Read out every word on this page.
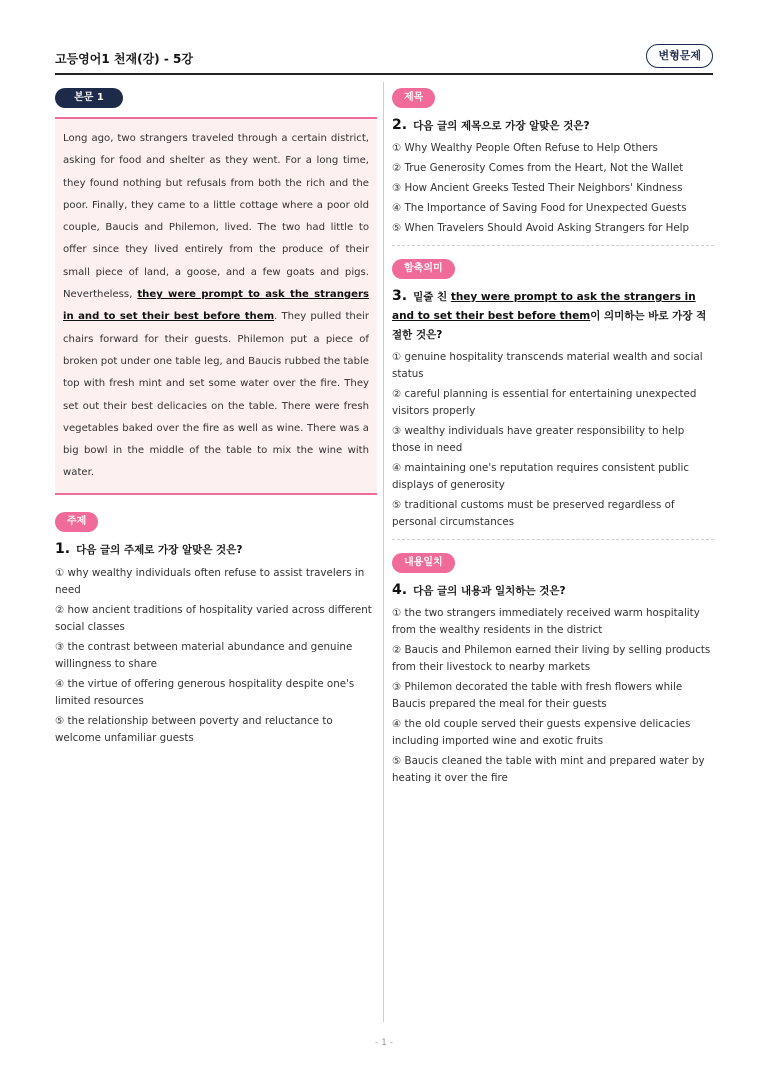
고등영어1 천재(강) - 5강	변형문제
본문 1
Long ago, two strangers traveled through a certain district, asking for food and shelter as they went. For a long time, they found nothing but refusals from both the rich and the poor. Finally, they came to a little cottage where a poor old couple, Baucis and Philemon, lived. The two had little to offer since they lived entirely from the produce of their small piece of land, a goose, and a few goats and pigs. Nevertheless, they were prompt to ask the strangers in and to set their best before them. They pulled their chairs forward for their guests. Philemon put a piece of broken pot under one table leg, and Baucis rubbed the table top with fresh mint and set some water over the fire. They set out their best delicacies on the table. There were fresh vegetables baked over the fire as well as wine. There was a big bowl in the middle of the table to mix the wine with water.
주제
1. 다음 글의 주제로 가장 알맞은 것은?
① why wealthy individuals often refuse to assist travelers in need
② how ancient traditions of hospitality varied across different social classes
③ the contrast between material abundance and genuine willingness to share
④ the virtue of offering generous hospitality despite one's limited resources
⑤ the relationship between poverty and reluctance to welcome unfamiliar guests
제목
2. 다음 글의 제목으로 가장 알맞은 것은?
① Why Wealthy People Often Refuse to Help Others
② True Generosity Comes from the Heart, Not the Wallet
③ How Ancient Greeks Tested Their Neighbors' Kindness
④ The Importance of Saving Food for Unexpected Guests
⑤ When Travelers Should Avoid Asking Strangers for Help
함축의미
3. 밑줄 친 they were prompt to ask the strangers in and to set their best before them이 의미하는 바로 가장 적절한 것은?
① genuine hospitality transcends material wealth and social status
② careful planning is essential for entertaining unexpected visitors properly
③ wealthy individuals have greater responsibility to help those in need
④ maintaining one's reputation requires consistent public displays of generosity
⑤ traditional customs must be preserved regardless of personal circumstances
내용일치
4. 다음 글의 내용과 일치하는 것은?
① the two strangers immediately received warm hospitality from the wealthy residents in the district
② Baucis and Philemon earned their living by selling products from their livestock to nearby markets
③ Philemon decorated the table with fresh flowers while Baucis prepared the meal for their guests
④ the old couple served their guests expensive delicacies including imported wine and exotic fruits
⑤ Baucis cleaned the table with mint and prepared water by heating it over the fire
- 1 -
